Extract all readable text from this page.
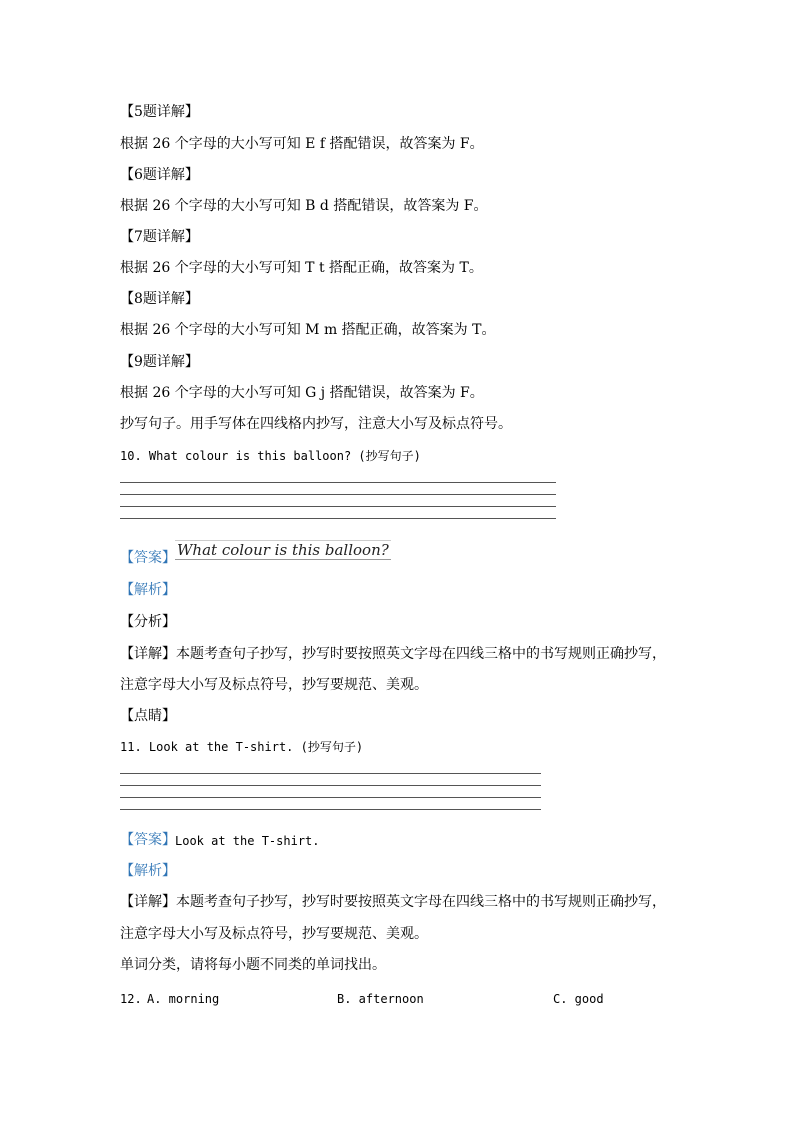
【5题详解】
根据 26 个字母的大小写可知 E f 搭配错误，故答案为 F。
【6题详解】
根据 26 个字母的大小写可知 B d 搭配错误，故答案为 F。
【7题详解】
根据 26 个字母的大小写可知 T t 搭配正确，故答案为 T。
【8题详解】
根据 26 个字母的大小写可知 M m 搭配正确，故答案为 T。
【9题详解】
根据 26 个字母的大小写可知 G j 搭配错误，故答案为 F。
抄写句子。用手写体在四线格内抄写，注意大小写及标点符号。
10. What colour is this balloon? (抄写句子)
【答案】 What colour is this balloon?
【解析】
【分析】
【详解】本题考查句子抄写，抄写时要按照英文字母在四线三格中的书写规则正确抄写，
注意字母大小写及标点符号，抄写要规范、美观。
【点睛】
11. Look at the T-shirt. (抄写句子)
【答案】 Look at the T-shirt.
【解析】
【详解】本题考查句子抄写，抄写时要按照英文字母在四线三格中的书写规则正确抄写，
注意字母大小写及标点符号，抄写要规范、美观。
单词分类，请将每小题不同类的单词找出。
12. A. morning	B. afternoon	C. good
